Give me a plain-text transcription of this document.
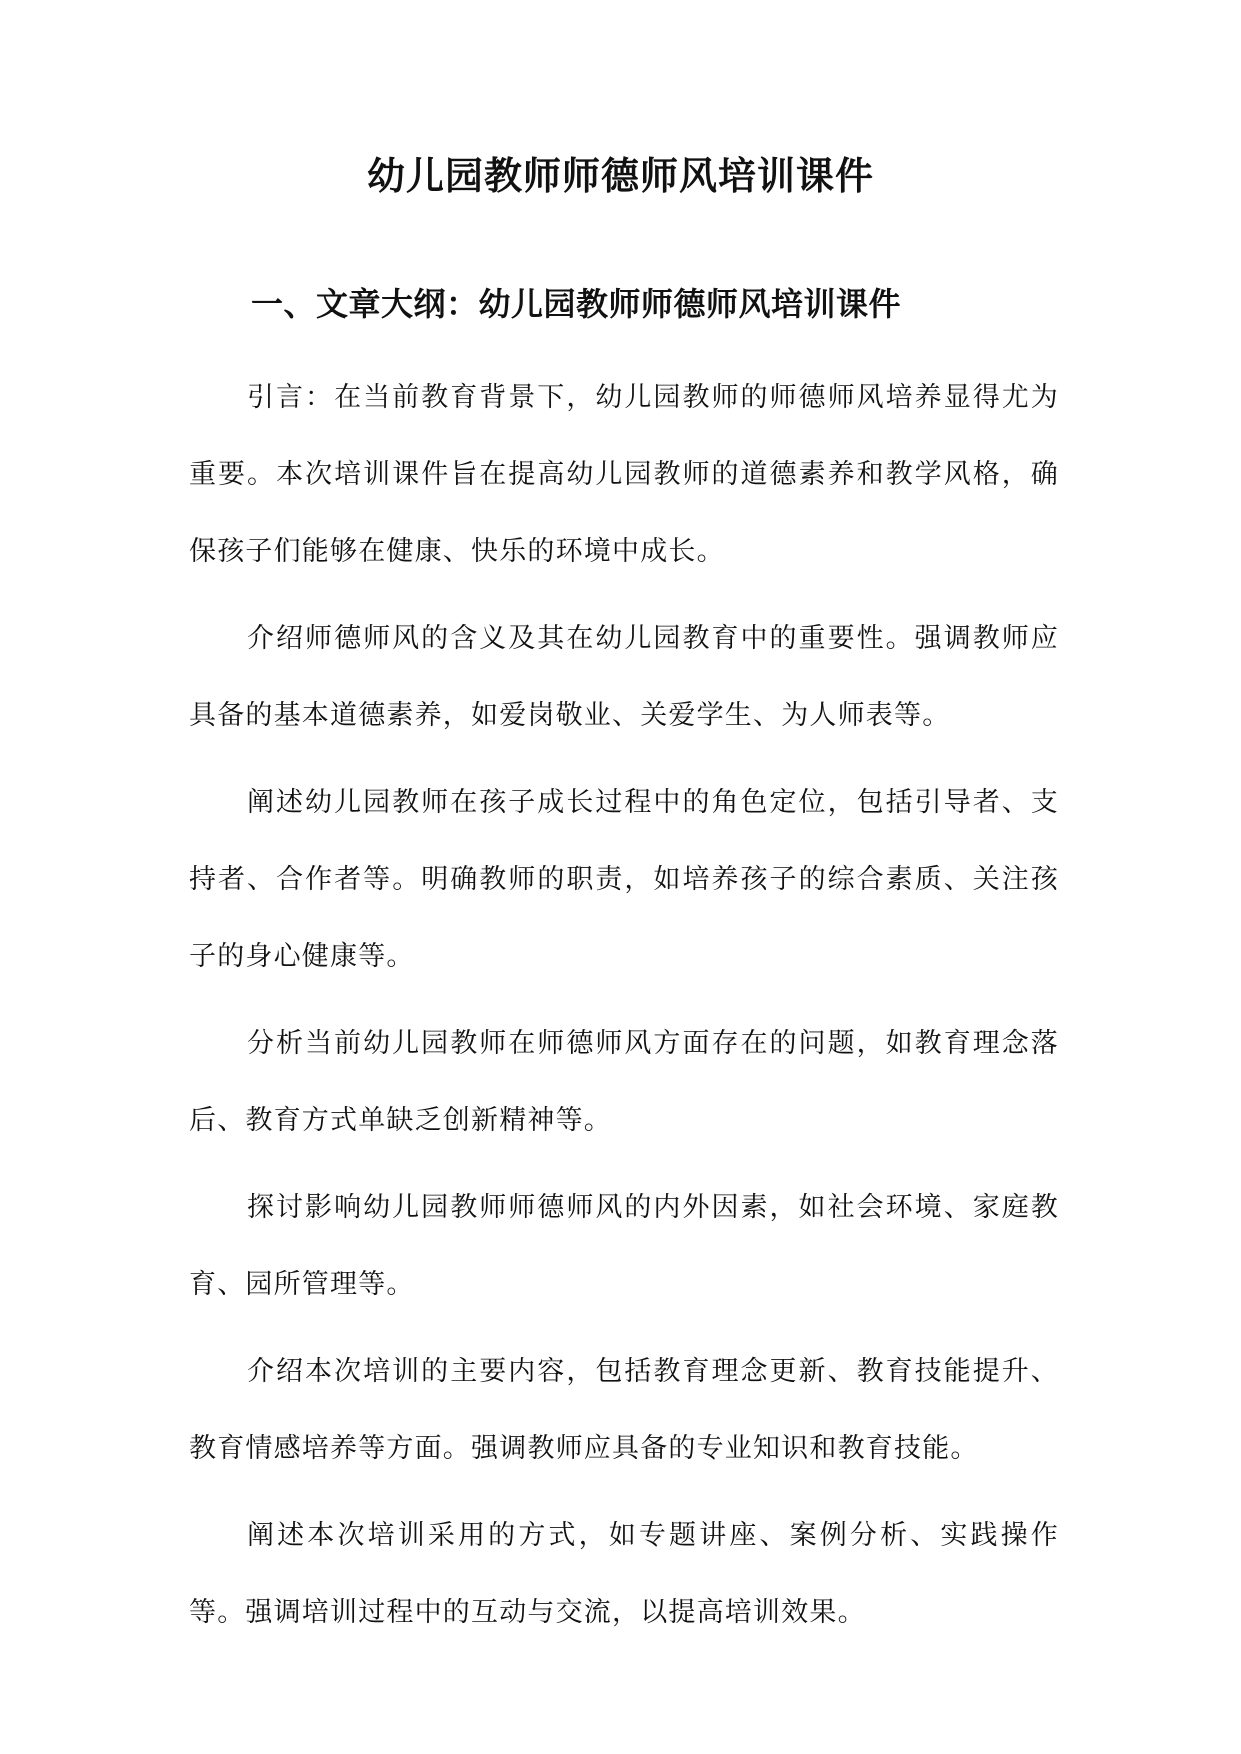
幼儿园教师师德师风培训课件
一、文章大纲：幼儿园教师师德师风培训课件

引言：在当前教育背景下，幼儿园教师的师德师风培养显得尤为重要。本次培训课件旨在提高幼儿园教师的道德素养和教学风格，确保孩子们能够在健康、快乐的环境中成长。

介绍师德师风的含义及其在幼儿园教育中的重要性。强调教师应具备的基本道德素养，如爱岗敬业、关爱学生、为人师表等。

阐述幼儿园教师在孩子成长过程中的角色定位，包括引导者、支持者、合作者等。明确教师的职责，如培养孩子的综合素质、关注孩子的身心健康等。

分析当前幼儿园教师在师德师风方面存在的问题，如教育理念落后、教育方式单缺乏创新精神等。

探讨影响幼儿园教师师德师风的内外因素，如社会环境、家庭教育、园所管理等。

介绍本次培训的主要内容，包括教育理念更新、教育技能提升、教育情感培养等方面。强调教师应具备的专业知识和教育技能。

阐述本次培训采用的方式，如专题讲座、案例分析、实践操作等。强调培训过程中的互动与交流，以提高培训效果。
